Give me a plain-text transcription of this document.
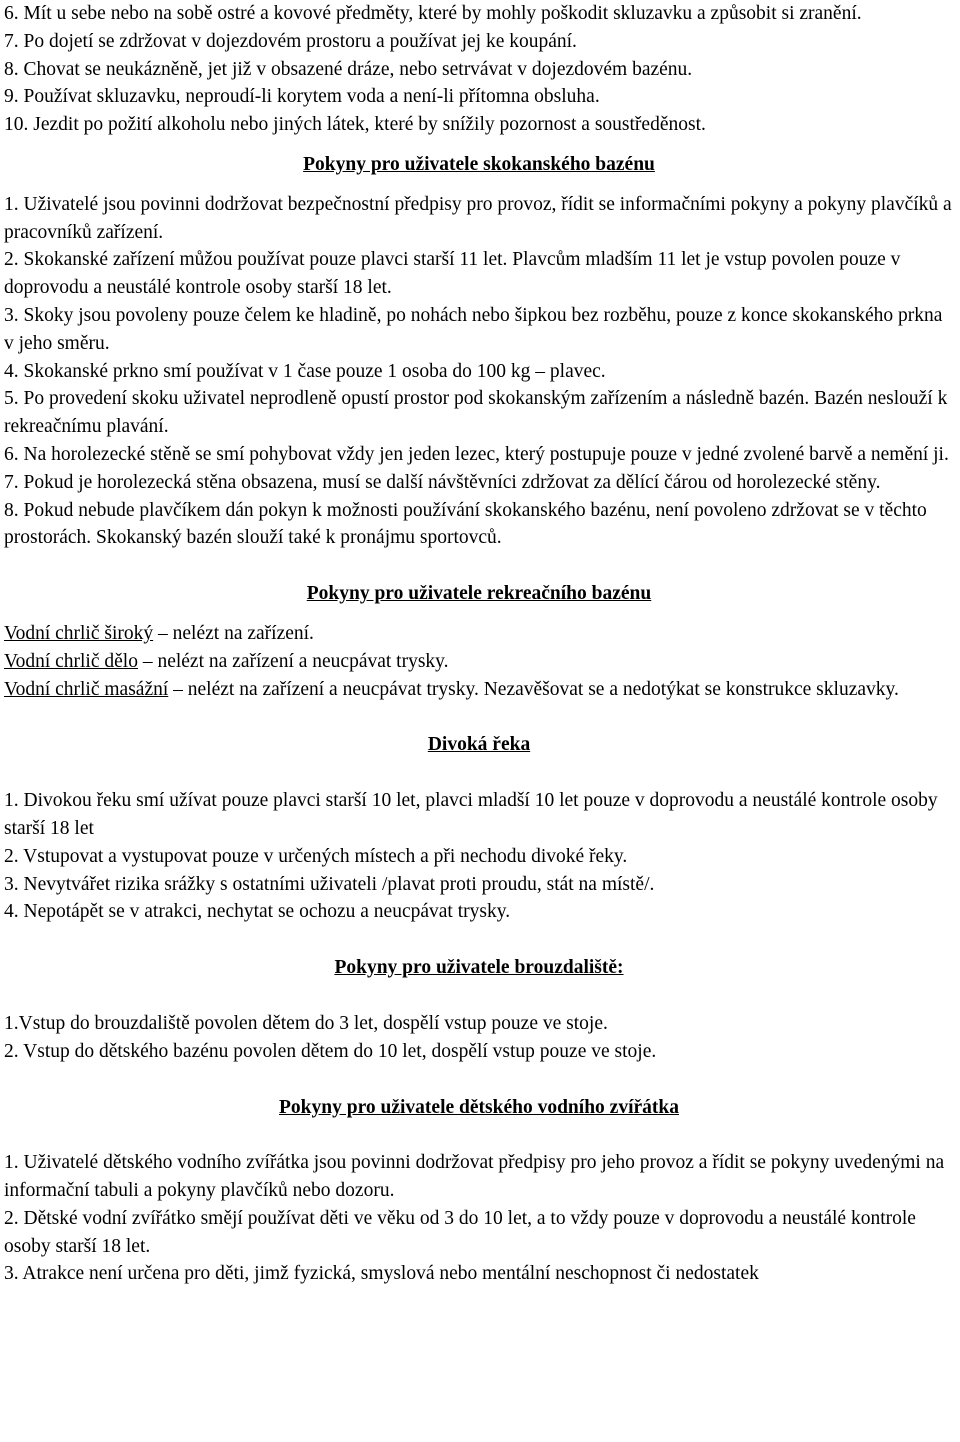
6. Mít u sebe nebo na sobě ostré a kovové předměty, které by mohly poškodit skluzavku a způsobit si zranění.

7. Po dojetí se zdržovat v dojezdovém prostoru a používat jej ke koupání.

8. Chovat se neukázněně, jet již v obsazené dráze, nebo setrvávat v dojezdovém bazénu.

9. Používat skluzavku, neproudí-li korytem voda a není-li přítomna obsluha.

10. Jezdit po požití alkoholu nebo jiných látek, které by snížily pozornost a soustředěnost.

Pokyny pro uživatele skokanského bazénu

1. Uživatelé jsou povinni dodržovat bezpečnostní předpisy pro provoz, řídit se informačními pokyny a pokyny plavčíků a pracovníků zařízení.

2. Skokanské zařízení můžou používat pouze plavci starší 11 let. Plavcům mladším 11 let je vstup povolen pouze v doprovodu a neustálé kontrole osoby starší 18 let.

3. Skoky jsou povoleny pouze čelem ke hladině, po nohách nebo šipkou bez rozběhu, pouze z konce skokanského prkna v jeho směru.

4. Skokanské prkno smí používat v 1 čase pouze 1 osoba do 100 kg – plavec.

5. Po provedení skoku uživatel neprodleně opustí prostor pod skokanským zařízením a následně bazén. Bazén neslouží k rekreačnímu plavání.

6. Na horolezecké stěně se smí pohybovat vždy jen jeden lezec, který postupuje pouze v jedné zvolené barvě a nemění ji.

7. Pokud je horolezecká stěna obsazena, musí se další návštěvníci zdržovat za dělící čárou od horolezecké stěny.

8. Pokud nebude plavčíkem dán pokyn k možnosti používání skokanského bazénu, není povoleno zdržovat se v těchto prostorách. Skokanský bazén slouží také k pronájmu sportovců.

Pokyny pro uživatele rekreačního bazénu

Vodní chrlič široký – nelézt na zařízení.

Vodní chrlič dělo – nelézt na zařízení a neucpávat trysky.

Vodní chrlič masážní – nelézt na zařízení a neucpávat trysky. Nezavěšovat se a nedotýkat se konstrukce skluzavky.

Divoká řeka

1. Divokou řeku smí užívat pouze plavci starší 10 let, plavci mladší 10 let pouze v doprovodu a neustálé kontrole osoby starší 18 let

2. Vstupovat a vystupovat pouze v určených místech a při nechodu divoké řeky.

3. Nevytvářet rizika srážky s ostatními uživateli /plavat proti proudu, stát na místě/.

4. Nepotápět se v atrakci, nechytat se ochozu a neucpávat trysky.

Pokyny pro uživatele brouzdaliště:

1.Vstup do brouzdaliště povolen dětem do 3 let, dospělí vstup pouze ve stoje.

2. Vstup do dětského bazénu povolen dětem do 10 let, dospělí vstup pouze ve stoje.

Pokyny pro uživatele dětského vodního zvířátka

1. Uživatelé dětského vodního zvířátka jsou povinni dodržovat předpisy pro jeho provoz a řídit se pokyny uvedenými na informační tabuli a pokyny plavčíků nebo dozoru.

2. Dětské vodní zvířátko smějí používat děti ve věku od 3 do 10 let, a to vždy pouze v doprovodu a neustálé kontrole osoby starší 18 let.

3. Atrakce není určena pro děti, jimž fyzická, smyslová nebo mentální neschopnost či nedostatek
